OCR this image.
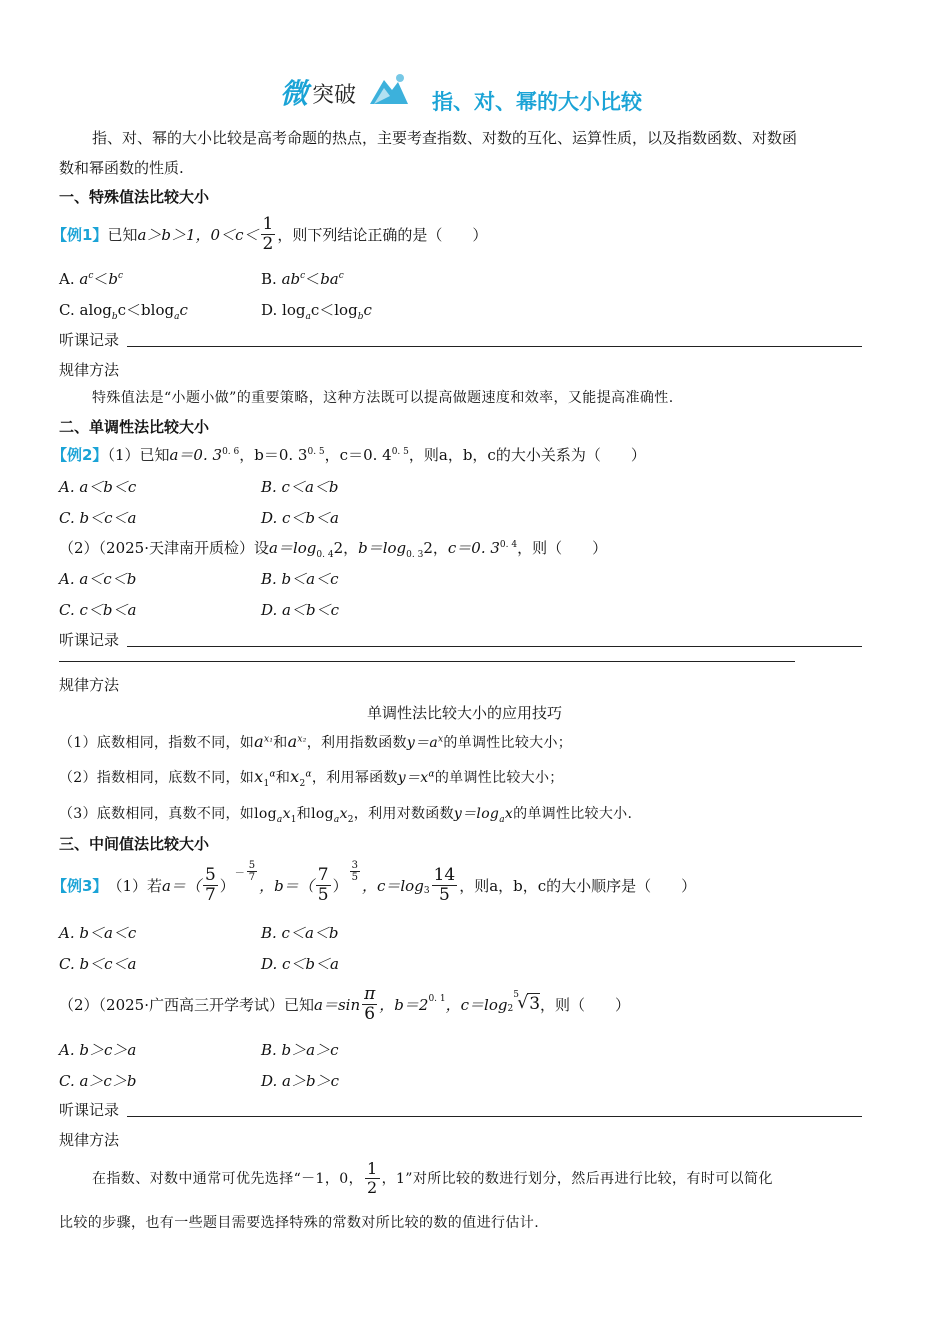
微 突破	指、对、幂的大小比较
指、对、幂的大小比较是高考命题的热点，主要考查指数、对数的互化、运算性质，以及指数函数、对数函
数和幂函数的性质.
一、特殊值法比较大小
【例1】 已知 a＞b＞1，$0<c< \frac{1}{2}$ ，则下列结论正确的是（　　）
A. $a^c<b^c$	B. $ab^c<ba^c$
C. alog$_b$c＜blog$_a$c	D. $\log_ac<\log_bc$
听课记录
规律方法
特殊值法是“小题小做”的重要策略，这种方法既可以提高做题速度和效率，又能提高准确性.
二、单调性法比较大小
【例2】（1）已知a＝0. $3^{0. 6}$，b＝0. $3^{0. 5}$，c＝0. $4^{0. 5}$，则a，b，c的大小关系为（　　）
A. a＜b＜c	B. c＜a＜b
C. b＜c＜a	D. c＜b＜a
（2）（2025·天津南开质检）设$a=\log_{0. 4}2$，$b=\log_{0. 3}2$，c＝0. $3^{0. 4}$，则（　　）
A. a＜c＜b	B. b＜a＜c
C. c＜b＜a	D. a＜b＜c
听课记录
规律方法
单调性法比较大小的应用技巧
（1）底数相同，指数不同，如$a^{x_1}$和$a^{x_2}$，利用指数函数$y=a^x$的单调性比较大小；
（2）指数相同，底数不同，如$x_1^\alpha$和$x_2^\alpha$，利用幂函数$y=x^\alpha$的单调性比较大小；
（3）底数相同，真数不同，如$\log_ax_1$和$\log_ax_2$，利用对数函数$y=\log_ax$的单调性比较大小.
三、中间值法比较大小
【例3】 （1）若 $a=( \frac{5}{7}$ ）
－ $\frac{5}{7}$
，$b=( \frac{7}{5}$ ）
$\frac{3}{5}$
，$c=\log_3 \frac{14}{5}$ ，则a，b，c的大小顺序是（　　）
A. b＜a＜c	B. c＜a＜b
C. b＜c＜a	D. c＜b＜a
（2）（2025·广西高三开学考试）已知 $a=\sin \frac{\pi}{6}$ ，$b=2^{0. 1}$ ，$c=\log_2$
5
√ 3 ，则（　　）
A. b＞c＞a	B. b＞a＞c
C. a＞c＞b	D. a＞b＞c
听课记录
规律方法
在指数、对数中通常可优先选择“－1，0， $\frac{1}{2}$ ，1”对所比较的数进行划分，然后再进行比较，有时可以简化
比较的步骤，也有一些题目需要选择特殊的常数对所比较的数的值进行估计.
